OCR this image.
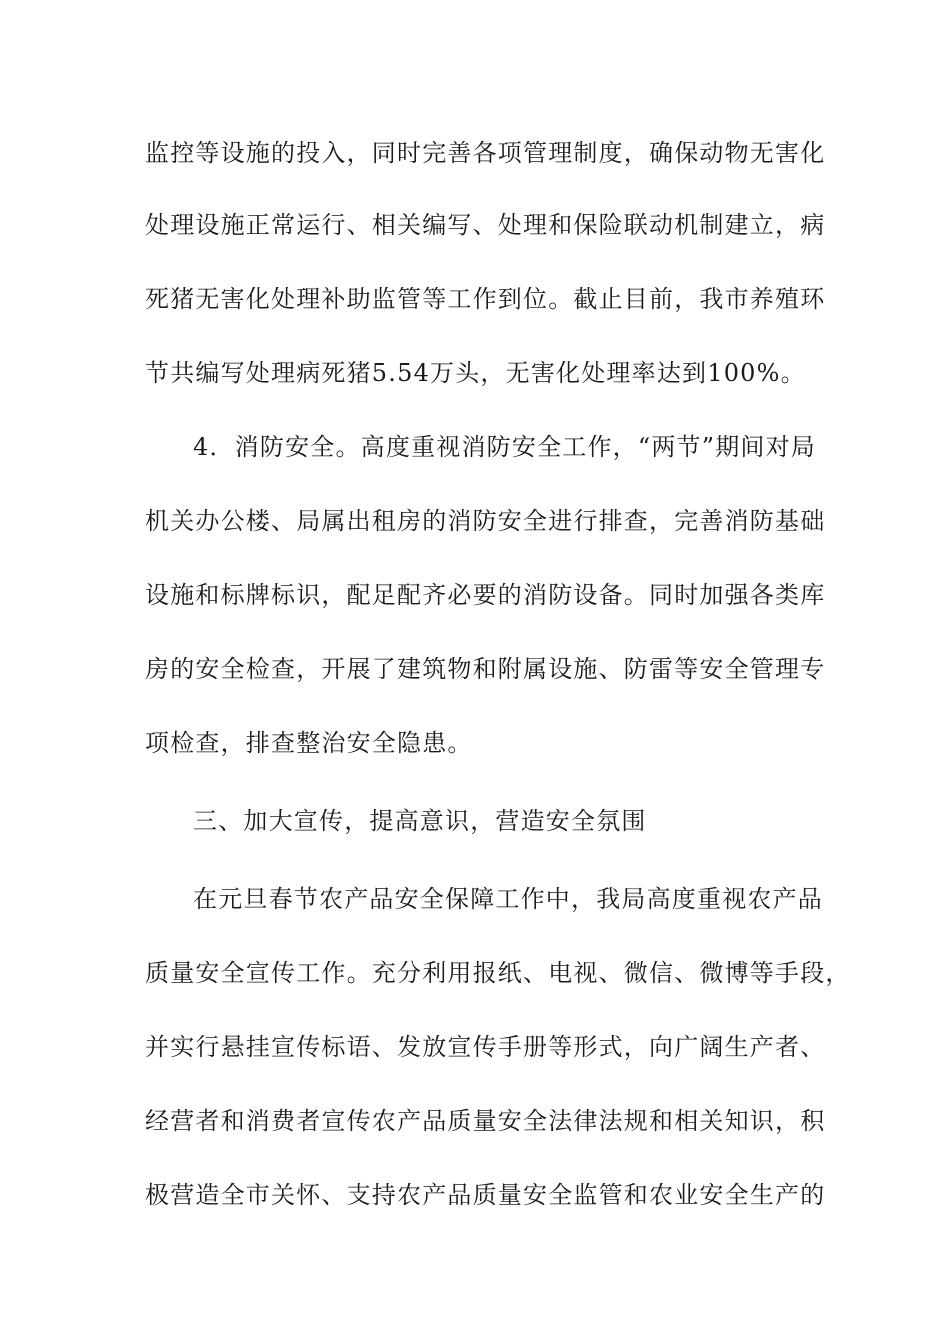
监控等设施的投入，同时完善各项管理制度，确保动物无害化
处理设施正常运行、相关编写、处理和保险联动机制建立，病
死猪无害化处理补助监管等工作到位。截止目前，我市养殖环
节共编写处理病死猪5.54万头，无害化处理率达到100%。
4．消防安全。高度重视消防安全工作，“两节”期间对局
机关办公楼、局属出租房的消防安全进行排查，完善消防基础
设施和标牌标识，配足配齐必要的消防设备。同时加强各类库
房的安全检查，开展了建筑物和附属设施、防雷等安全管理专
项检查，排查整治安全隐患。
三、加大宣传，提高意识，营造安全氛围
在元旦春节农产品安全保障工作中，我局高度重视农产品
质量安全宣传工作。充分利用报纸、电视、微信、微博等手段，
并实行悬挂宣传标语、发放宣传手册等形式，向广阔生产者、
经营者和消费者宣传农产品质量安全法律法规和相关知识，积
极营造全市关怀、支持农产品质量安全监管和农业安全生产的
